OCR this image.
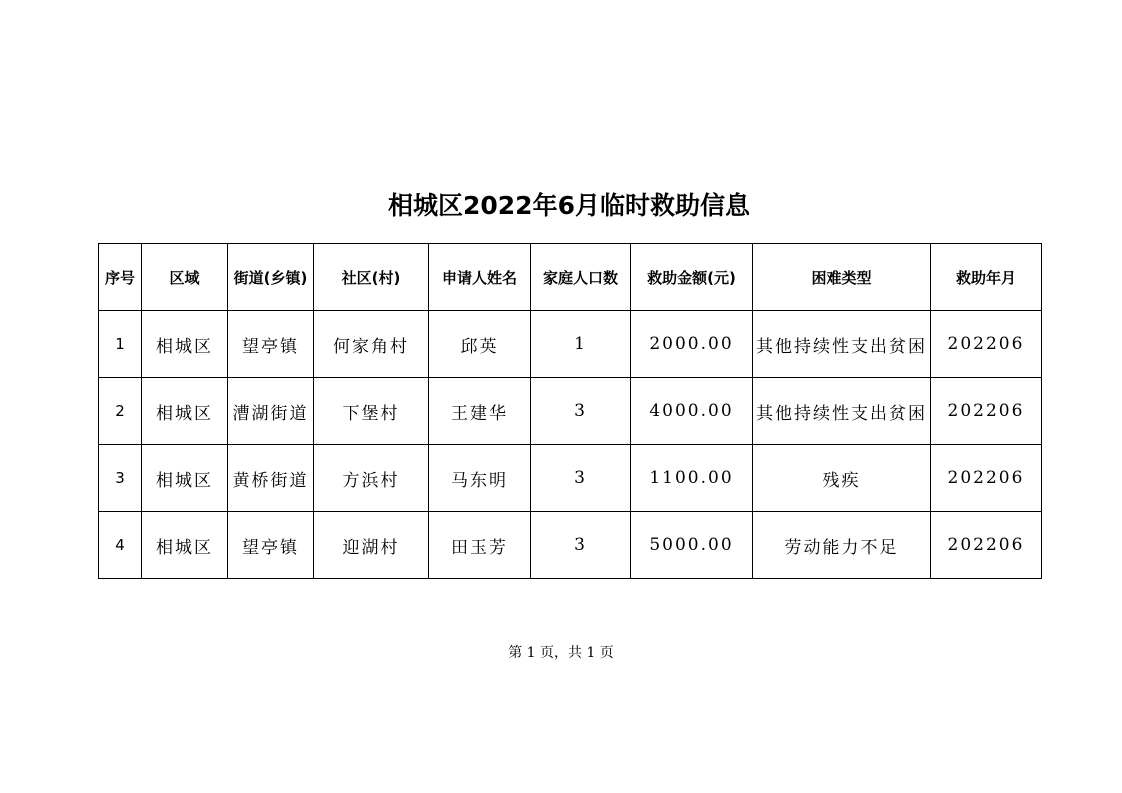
相城区2022年6月临时救助信息
序号	区域	街道(乡镇)	社区(村)	申请人姓名	家庭人口数	救助金额(元)	困难类型	救助年月
1	相城区	望亭镇	何家角村	邱英	1	2000.00	其他持续性支出贫困	202206
2	相城区	漕湖街道	下堡村	王建华	3	4000.00	其他持续性支出贫困	202206
3	相城区	黄桥街道	方浜村	马东明	3	1100.00	残疾	202206
4	相城区	望亭镇	迎湖村	田玉芳	3	5000.00	劳动能力不足	202206
第 1 页，共 1 页
